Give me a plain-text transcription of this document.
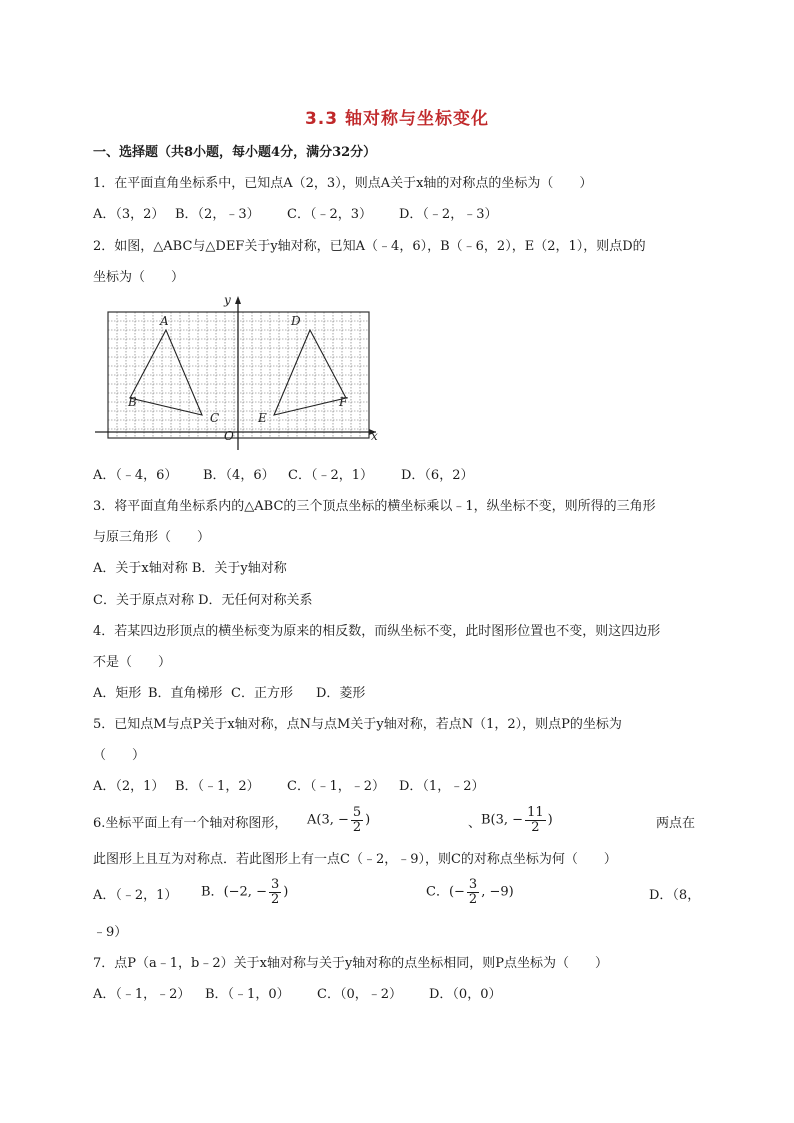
3.3 轴对称与坐标变化
一、选择题（共8小题，每小题4分，满分32分）
1．在平面直角坐标系中，已知点A（2，3），则点A关于x轴的对称点的坐标为（　　）
A．（3，2） B．（2，﹣3） C．（﹣2，3） D．（﹣2，﹣3）
2．如图，△ABC与△DEF关于y轴对称，已知A（﹣4，6），B（﹣6，2），E（2，1），则点D的
坐标为（　　）
A
B
C
D
E
F
O	x
y
A．（﹣4，6） B．（4，6） C．（﹣2，1） D．（6，2）
3．将平面直角坐标系内的△ABC的三个顶点坐标的横坐标乘以﹣1，纵坐标不变，则所得的三角形
与原三角形（　　）
A．关于x轴对称 B．关于y轴对称
C．关于原点对称 D．无任何对称关系
4．若某四边形顶点的横坐标变为原来的相反数，而纵坐标不变，此时图形位置也不变，则这四边形
不是（　　）
A．矩形 B．直角梯形 C．正方形 D．菱形
5．已知点M与点P关于x轴对称，点N与点M关于y轴对称，若点N（1，2），则点P的坐标为
（　　）
A．（2，1） B．（﹣1，2） C．（﹣1，﹣2） D．（1，﹣2）
6.坐标平面上有一个轴对称图形， A(3, − $\frac{5}{2}$ )	、 B(3, − $\frac{11}{2}$ )	两点在
此图形上且互为对称点．若此图形上有一点C（﹣2，﹣9），则C的对称点坐标为何（　　）
A．（﹣2，1） B．(−2, − $\frac{3}{2}$ )	C．(− $\frac{3}{2}$ , −9)	D．（8，
﹣9）
7．点P（a﹣1，b﹣2）关于x轴对称与关于y轴对称的点坐标相同，则P点坐标为（　　）
A．（﹣1，﹣2） B．（﹣1，0） C．（0，﹣2） D．（0，0）
